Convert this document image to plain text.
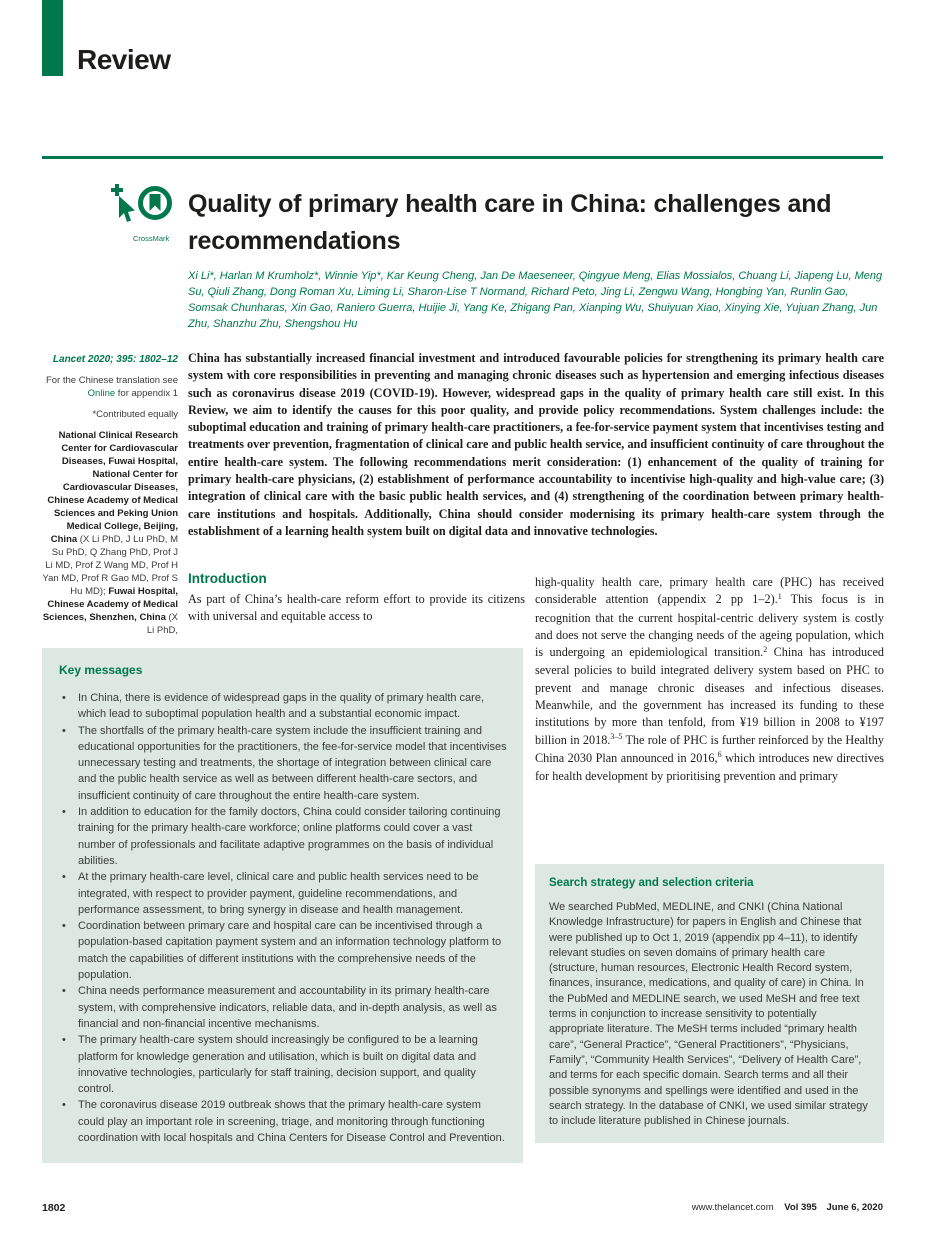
Review
CrossMark
Quality of primary health care in China: challenges and recommendations
Xi Li*, Harlan M Krumholz*, Winnie Yip*, Kar Keung Cheng, Jan De Maeseneer, Qingyue Meng, Elias Mossialos, Chuang Li, Jiapeng Lu, Meng Su, Qiuli Zhang, Dong Roman Xu, Liming Li, Sharon-Lise T Normand, Richard Peto, Jing Li, Zengwu Wang, Hongbing Yan, Runlin Gao, Somsak Chunharas, Xin Gao, Raniero Guerra, Huijie Ji, Yang Ke, Zhigang Pan, Xianping Wu, Shuiyuan Xiao, Xinying Xie, Yujuan Zhang, Jun Zhu, Shanzhu Zhu, Shengshou Hu
Lancet 2020; 395: 1802–12
For the Chinese translation see Online for appendix 1
*Contributed equally
National Clinical Research Center for Cardiovascular Diseases, Fuwai Hospital, National Center for Cardiovascular Diseases, Chinese Academy of Medical Sciences and Peking Union Medical College, Beijing, China (X Li PhD, J Lu PhD, M Su PhD, Q Zhang PhD, Prof J Li MD, Prof Z Wang MD, Prof H Yan MD, Prof R Gao MD, Prof S Hu MD); Fuwai Hospital, Chinese Academy of Medical Sciences, Shenzhen, China (X Li PhD,

China has substantially increased financial investment and introduced favourable policies for strengthening its primary health care system with core responsibilities in preventing and managing chronic diseases such as hypertension and emerging infectious diseases such as coronavirus disease 2019 (COVID-19). However, widespread gaps in the quality of primary health care still exist. In this Review, we aim to identify the causes for this poor quality, and provide policy recommendations. System challenges include: the suboptimal education and training of primary health-care practitioners, a fee-for-service payment system that incentivises testing and treatments over prevention, fragmentation of clinical care and public health service, and insufficient continuity of care throughout the entire health-care system. The following recommendations merit consideration: (1) enhancement of the quality of training for primary health-care physicians, (2) establishment of performance accountability to incentivise high-quality and high-value care; (3) integration of clinical care with the basic public health services, and (4) strengthening of the coordination between primary health-care institutions and hospitals. Additionally, China should consider modernising its primary health-care system through the establishment of a learning health system built on digital data and innovative technologies.

Introduction

As part of China’s health-care reform effort to provide its citizens with universal and equitable access to

high-quality health care, primary health care (PHC) has received considerable attention (appendix 2 pp 1–2).$^1$ This focus is in recognition that the current hospital-centric delivery system is costly and does not serve the changing needs of the ageing population, which is undergoing an epidemiological transition.$^2$ China has introduced several policies to build integrated delivery system based on PHC to prevent and manage chronic diseases and infectious diseases. Meanwhile, and the government has increased its funding to these institutions by more than tenfold, from ¥19 billion in 2008 to ¥197 billion in 2018.$^{3-5}$ The role of PHC is further reinforced by the Healthy China 2030 Plan announced in 2016,$^6$ which introduces new directives for health development by prioritising prevention and primary
Key messages
• In China, there is evidence of widespread gaps in the quality of primary health care, which lead to suboptimal population health and a substantial economic impact.
• The shortfalls of the primary health-care system include the insufficient training and educational opportunities for the practitioners, the fee-for-service model that incentivises unnecessary testing and treatments, the shortage of integration between clinical care and the public health service as well as between different health-care sectors, and insufficient continuity of care throughout the entire health-care system.
• In addition to education for the family doctors, China could consider tailoring continuing training for the primary health-care workforce; online platforms could cover a vast number of professionals and facilitate adaptive programmes on the basis of individual abilities.
• At the primary health-care level, clinical care and public health services need to be integrated, with respect to provider payment, guideline recommendations, and performance assessment, to bring synergy in disease and health management.
• Coordination between primary care and hospital care can be incentivised through a population-based capitation payment system and an information technology platform to match the capabilities of different institutions with the comprehensive needs of the population.
• China needs performance measurement and accountability in its primary health-care system, with comprehensive indicators, reliable data, and in-depth analysis, as well as financial and non-financial incentive mechanisms.
• The primary health-care system should increasingly be configured to be a learning platform for knowledge generation and utilisation, which is built on digital data and innovative technologies, particularly for staff training, decision support, and quality control.
• The coronavirus disease 2019 outbreak shows that the primary health-care system could play an important role in screening, triage, and monitoring through functioning coordination with local hospitals and China Centers for Disease Control and Prevention.
Search strategy and selection criteria

We searched PubMed, MEDLINE, and CNKI (China National Knowledge Infrastructure) for papers in English and Chinese that were published up to Oct 1, 2019 (appendix pp 4–11), to identify relevant studies on seven domains of primary health care (structure, human resources, Electronic Health Record system, finances, insurance, medications, and quality of care) in China. In the PubMed and MEDLINE search, we used MeSH and free text terms in conjunction to increase sensitivity to potentially appropriate literature. The MeSH terms included “primary health care”, “General Practice”, “General Practitioners”, “Physicians, Family”, “Community Health Services”, “Delivery of Health Care”, and terms for each specific domain. Search terms and all their possible synonyms and spellings were identified and used in the search strategy. In the database of CNKI, we used similar strategy to include literature published in Chinese journals.

1802	www.thelancet.com Vol 395 June 6, 2020
